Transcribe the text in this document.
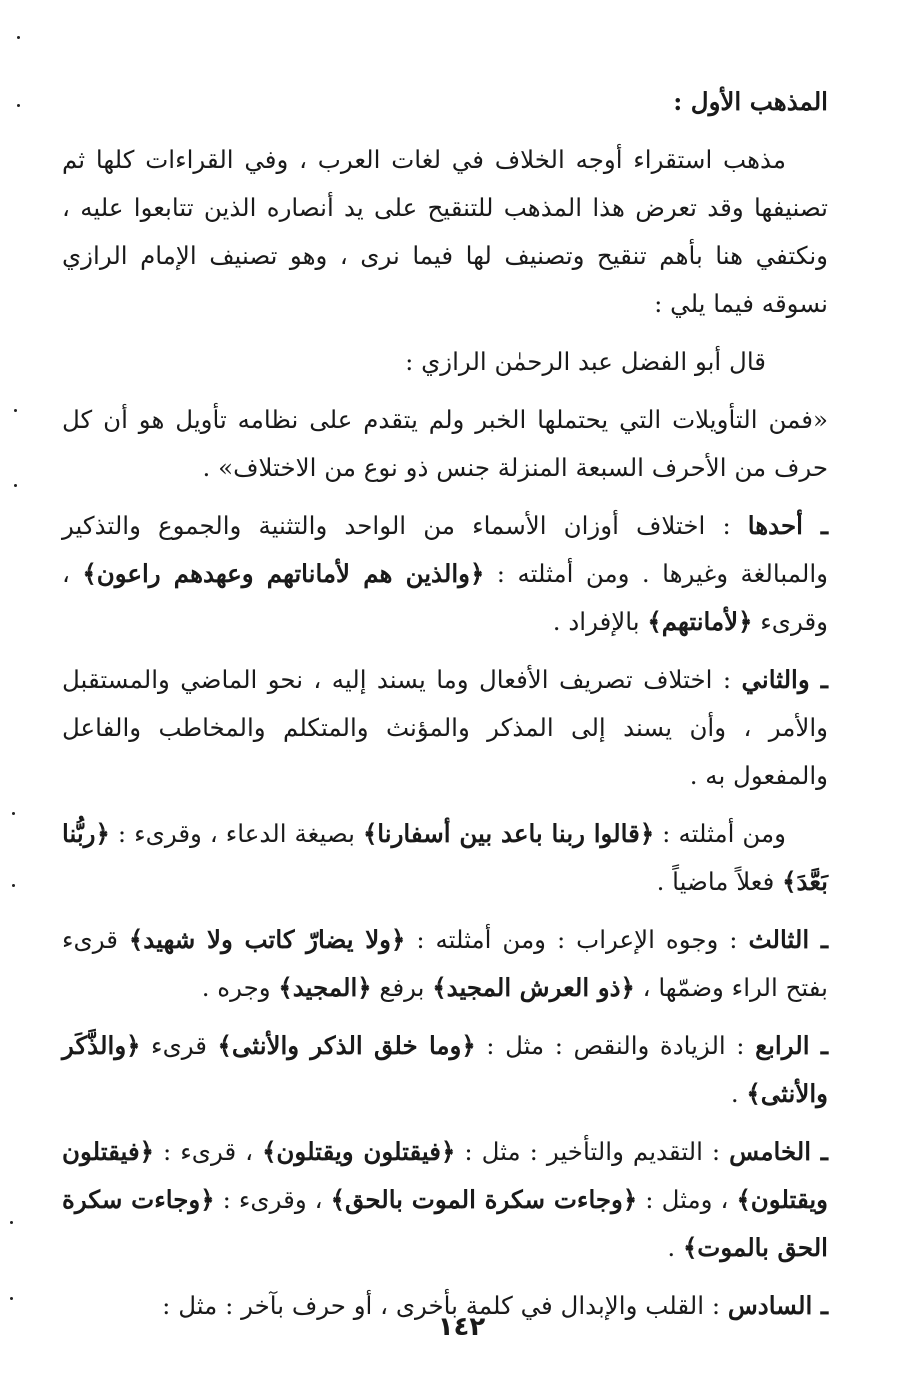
المذهب الأول :

مذهب استقراء أوجه الخلاف في لغات العرب ، وفي القراءات كلها ثم تصنيفها وقد تعرض هذا المذهب للتنقيح على يد أنصاره الذين تتابعوا عليه ، ونكتفي هنا بأهم تنقيح وتصنيف لها فيما نرى ، وهو تصنيف الإمام الرازي نسوقه فيما يلي :

قال أبو الفضل عبد الرحمٰن الرازي :

«فمن التأويلات التي يحتملها الخبر ولم يتقدم على نظامه تأويل هو أن كل حرف من الأحرف السبعة المنزلة جنس ذو نوع من الاختلاف» .

ـ أحدها : اختلاف أوزان الأسماء من الواحد والتثنية والجموع والتذكير والمبالغة وغيرها . ومن أمثلته : ﴿والذين هم لأماناتهم وعهدهم راعون﴾ ، وقرىء ﴿لأمانتهم﴾ بالإفراد .

ـ والثاني : اختلاف تصريف الأفعال وما يسند إليه ، نحو الماضي والمستقبل والأمر ، وأن يسند إلى المذكر والمؤنث والمتكلم والمخاطب والفاعل والمفعول به .

ومن أمثلته : ﴿قالوا ربنا باعد بين أسفارنا﴾ بصيغة الدعاء ، وقرىء : ﴿ربُّنا بَعَّدَ﴾ فعلاً ماضياً .

ـ الثالث : وجوه الإعراب : ومن أمثلته : ﴿ولا يضارّ كاتب ولا شهيد﴾ قرىء بفتح الراء وضمّها ، ﴿ذو العرش المجيد﴾ برفع ﴿المجيد﴾ وجره .

ـ الرابع : الزيادة والنقص : مثل : ﴿وما خلق الذكر والأنثى﴾ قرىء ﴿والذَّكَر والأنثى﴾ .

ـ الخامس : التقديم والتأخير : مثل : ﴿فيقتلون ويقتلون﴾ ، قرىء : ﴿فيقتلون ويقتلون﴾ ، ومثل : ﴿وجاءت سكرة الموت بالحق﴾ ، وقرىء : ﴿وجاءت سكرة الحق بالموت﴾ .

ـ السادس : القلب والإبدال في كلمة بأخرى ، أو حرف بآخر : مثل :

١٤٢
